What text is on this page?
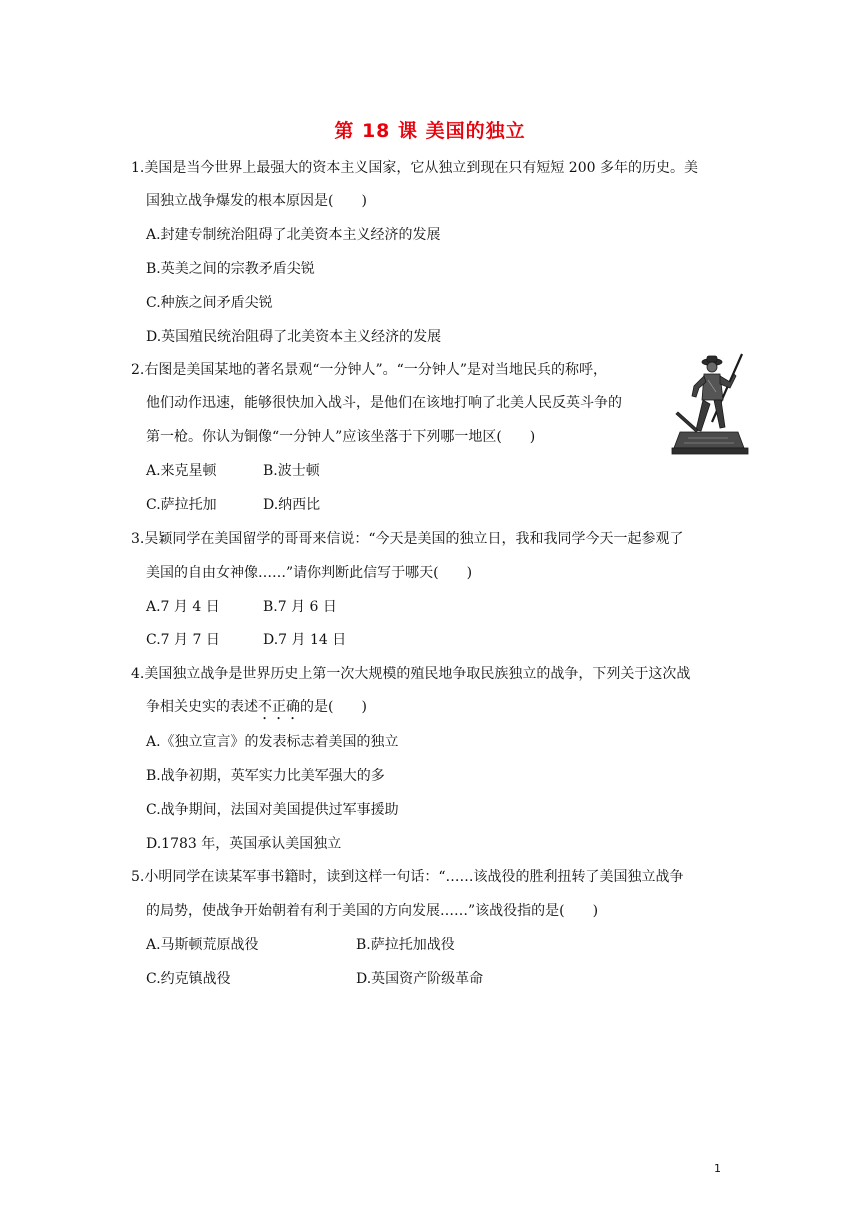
第 18 课 美国的独立
1.美国是当今世界上最强大的资本主义国家，它从独立到现在只有短短 200 多年的历史。美
国独立战争爆发的根本原因是(　　)
A.封建专制统治阻碍了北美资本主义经济的发展
B.英美之间的宗教矛盾尖锐
C.种族之间矛盾尖锐
D.英国殖民统治阻碍了北美资本主义经济的发展
2.右图是美国某地的著名景观“一分钟人”。“一分钟人”是对当地民兵的称呼，
他们动作迅速，能够很快加入战斗，是他们在该地打响了北美人民反英斗争的
第一枪。你认为铜像“一分钟人”应该坐落于下列哪一地区(　　)
A.来克星顿	B.波士顿
C.萨拉托加	D.纳西比
3.吴颖同学在美国留学的哥哥来信说：“今天是美国的独立日，我和我同学今天一起参观了
美国的自由女神像……”请你判断此信写于哪天(　　)
A.7 月 4 日	B.7 月 6 日
C.7 月 7 日	D.7 月 14 日
4.美国独立战争是世界历史上第一次大规模的殖民地争取民族独立的战争，下列关于这次战
争相关史实的表述不正确的是(　　)
A.《独立宣言》的发表标志着美国的独立
B.战争初期，英军实力比美军强大的多
C.战争期间，法国对美国提供过军事援助
D.1783 年，英国承认美国独立
5.小明同学在读某军事书籍时，读到这样一句话：“……该战役的胜利扭转了美国独立战争
的局势，使战争开始朝着有利于美国的方向发展……”该战役指的是(　　)
A.马斯顿荒原战役	B.萨拉托加战役
C.约克镇战役	D.英国资产阶级革命
1
